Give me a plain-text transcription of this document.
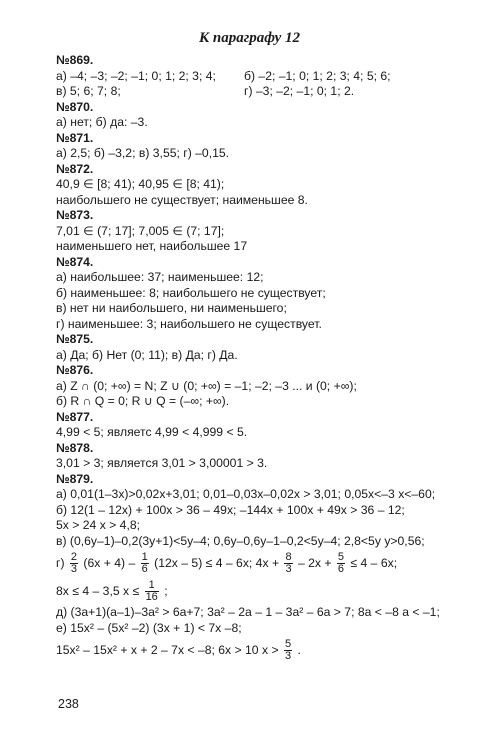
К параграфу 12
№869.
а) –4; –3; –2; –1; 0; 1; 2; 3; 4; б) –2; –1; 0; 1; 2; 3; 4; 5; 6;
в) 5; 6; 7; 8;	г) –3; –2; –1; 0; 1; 2.
№870.
а) нет; б) да: –3.
№871.
а) 2,5; б) –3,2; в) 3,55; г) –0,15.
№872.
40,9 ∈ [8; 41); 40,95 ∈ [8; 41);
наибольшего не существует; наименьшее 8.
№873.
7,01 ∈ (7; 17]; 7,005 ∈ (7; 17];
наименьшего нет, наибольшее 17
№874.
а) наибольшее: 37; наименьшее: 12;
б) наименьшее: 8; наибольшего не существует;
в) нет ни наибольшего, ни наименьшего;
г) наименьшее: 3; наибольшего не существует.
№875.
а) Да; б) Нет (0; 11); в) Да; г) Да.
№876.
а) Z ∩ (0; +∞) = N; Z ∪ (0; +∞) = –1; –2; –3 ... и (0; +∞);
б) R ∩ Q = 0; R ∪ Q = (–∞; +∞).
№877.
4,99 < 5; являетс 4,99 < 4,999 < 5.
№878.
3,01 > 3; является 3,01 > 3,00001 > 3.
№879.
а) 0,01(1–3x)>0,02x+3,01; 0,01–0,03x–0,02x > 3,01; 0,05x<–3 x<–60;
б) 12(1 – 12x) + 100x > 36 – 49x; –144x + 100x + 49x > 36 – 12;
5x > 24 x > 4,8;
в) (0,6y–1)–0,2(3y+1)<5y–4; 0,6y–0,6y–1–0,2<5y–4; 2,8<5y y>0,56;
$г) \frac{2}{3} (6x + 4) - \frac{1}{6} (12x - 5) \le 4 - 6x$; $4x + \frac{8}{3} - 2x + \frac{5}{6} \le 4 - 6x$;
8x ≤ 4 – 3,5 $x \le \frac{1}{16}$ ;
д) (3a+1)(a–1)–3a² > 6a+7; 3a² – 2a – 1 – 3a² – 6a > 7; 8a < –8 a < –1;
е) 15x² – (5x² –2) (3x + 1) < 7x –8;
15x² – 15x² + x + 2 – 7x < –8; 6x > 10 $x > \frac{5}{3}$ .
238
